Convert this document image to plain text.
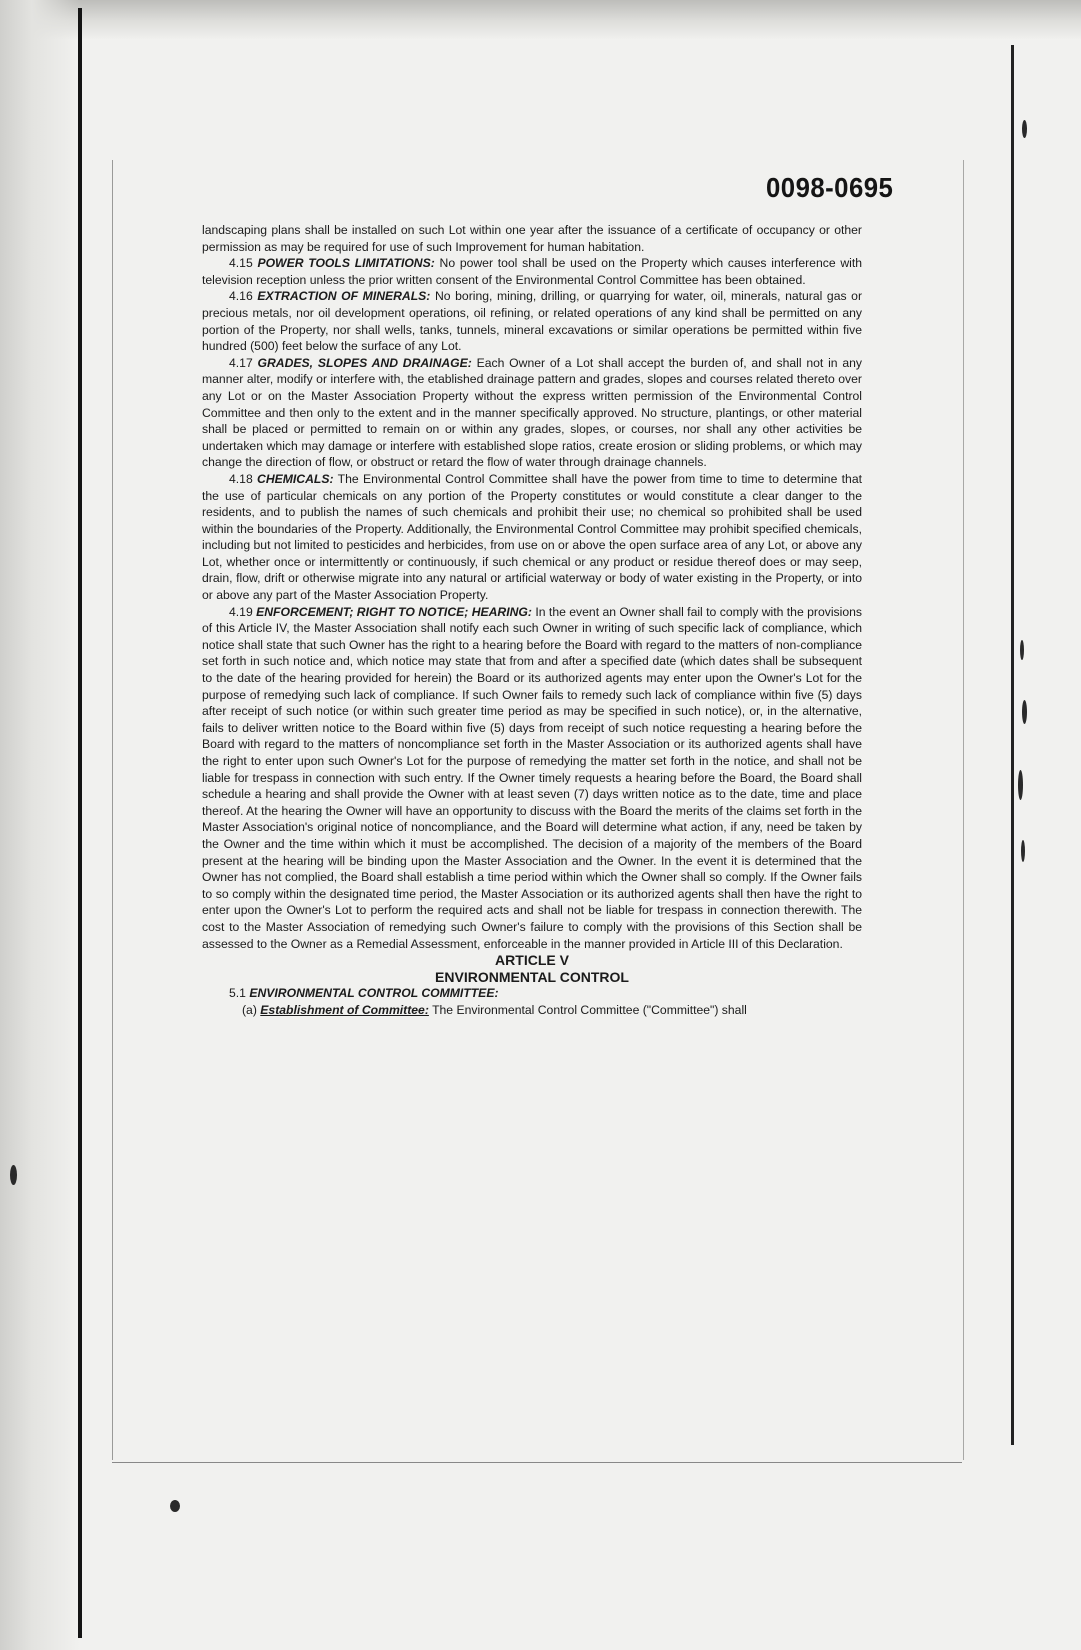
0098-0695

landscaping plans shall be installed on such Lot within one year after the issuance of a certificate of occupancy or other permission as may be required for use of such Improvement for human habitation.

4.15 POWER TOOLS LIMITATIONS: No power tool shall be used on the Property which causes interference with television reception unless the prior written consent of the Environmental Control Committee has been obtained.

4.16 EXTRACTION OF MINERALS: No boring, mining, drilling, or quarrying for water, oil, minerals, natural gas or precious metals, nor oil development operations, oil refining, or related operations of any kind shall be permitted on any portion of the Property, nor shall wells, tanks, tunnels, mineral excavations or similar operations be permitted within five hundred (500) feet below the surface of any Lot.

4.17 GRADES, SLOPES AND DRAINAGE: Each Owner of a Lot shall accept the burden of, and shall not in any manner alter, modify or interfere with, the etablished drainage pattern and grades, slopes and courses related thereto over any Lot or on the Master Association Property without the express written permission of the Environmental Control Committee and then only to the extent and in the manner specifically approved. No structure, plantings, or other material shall be placed or permitted to remain on or within any grades, slopes, or courses, nor shall any other activities be undertaken which may damage or interfere with established slope ratios, create erosion or sliding problems, or which may change the direction of flow, or obstruct or retard the flow of water through drainage channels.

4.18 CHEMICALS: The Environmental Control Committee shall have the power from time to time to determine that the use of particular chemicals on any portion of the Property constitutes or would constitute a clear danger to the residents, and to publish the names of such chemicals and prohibit their use; no chemical so prohibited shall be used within the boundaries of the Property. Additionally, the Environmental Control Committee may prohibit specified chemicals, including but not limited to pesticides and herbicides, from use on or above the open surface area of any Lot, or above any Lot, whether once or intermittently or continuously, if such chemical or any product or residue thereof does or may seep, drain, flow, drift or otherwise migrate into any natural or artificial waterway or body of water existing in the Property, or into or above any part of the Master Association Property.

4.19 ENFORCEMENT; RIGHT TO NOTICE; HEARING: In the event an Owner shall fail to comply with the provisions of this Article IV, the Master Association shall notify each such Owner in writing of such specific lack of compliance, which notice shall state that such Owner has the right to a hearing before the Board with regard to the matters of non-compliance set forth in such notice and, which notice may state that from and after a specified date (which dates shall be subsequent to the date of the hearing provided for herein) the Board or its authorized agents may enter upon the Owner's Lot for the purpose of remedying such lack of compliance. If such Owner fails to remedy such lack of compliance within five (5) days after receipt of such notice (or within such greater time period as may be specified in such notice), or, in the alternative, fails to deliver written notice to the Board within five (5) days from receipt of such notice requesting a hearing before the Board with regard to the matters of noncompliance set forth in the Master Association or its authorized agents shall have the right to enter upon such Owner's Lot for the purpose of remedying the matter set forth in the notice, and shall not be liable for trespass in connection with such entry. If the Owner timely requests a hearing before the Board, the Board shall schedule a hearing and shall provide the Owner with at least seven (7) days written notice as to the date, time and place thereof. At the hearing the Owner will have an opportunity to discuss with the Board the merits of the claims set forth in the Master Association's original notice of noncompliance, and the Board will determine what action, if any, need be taken by the Owner and the time within which it must be accomplished. The decision of a majority of the members of the Board present at the hearing will be binding upon the Master Association and the Owner. In the event it is determined that the Owner has not complied, the Board shall establish a time period within which the Owner shall so comply. If the Owner fails to so comply within the designated time period, the Master Association or its authorized agents shall then have the right to enter upon the Owner's Lot to perform the required acts and shall not be liable for trespass in connection therewith. The cost to the Master Association of remedying such Owner's failure to comply with the provisions of this Section shall be assessed to the Owner as a Remedial Assessment, enforceable in the manner provided in Article III of this Declaration.

ARTICLE V

ENVIRONMENTAL CONTROL

5.1 ENVIRONMENTAL CONTROL COMMITTEE:

(a) Establishment of Committee: The Environmental Control Committee ("Committee") shall
